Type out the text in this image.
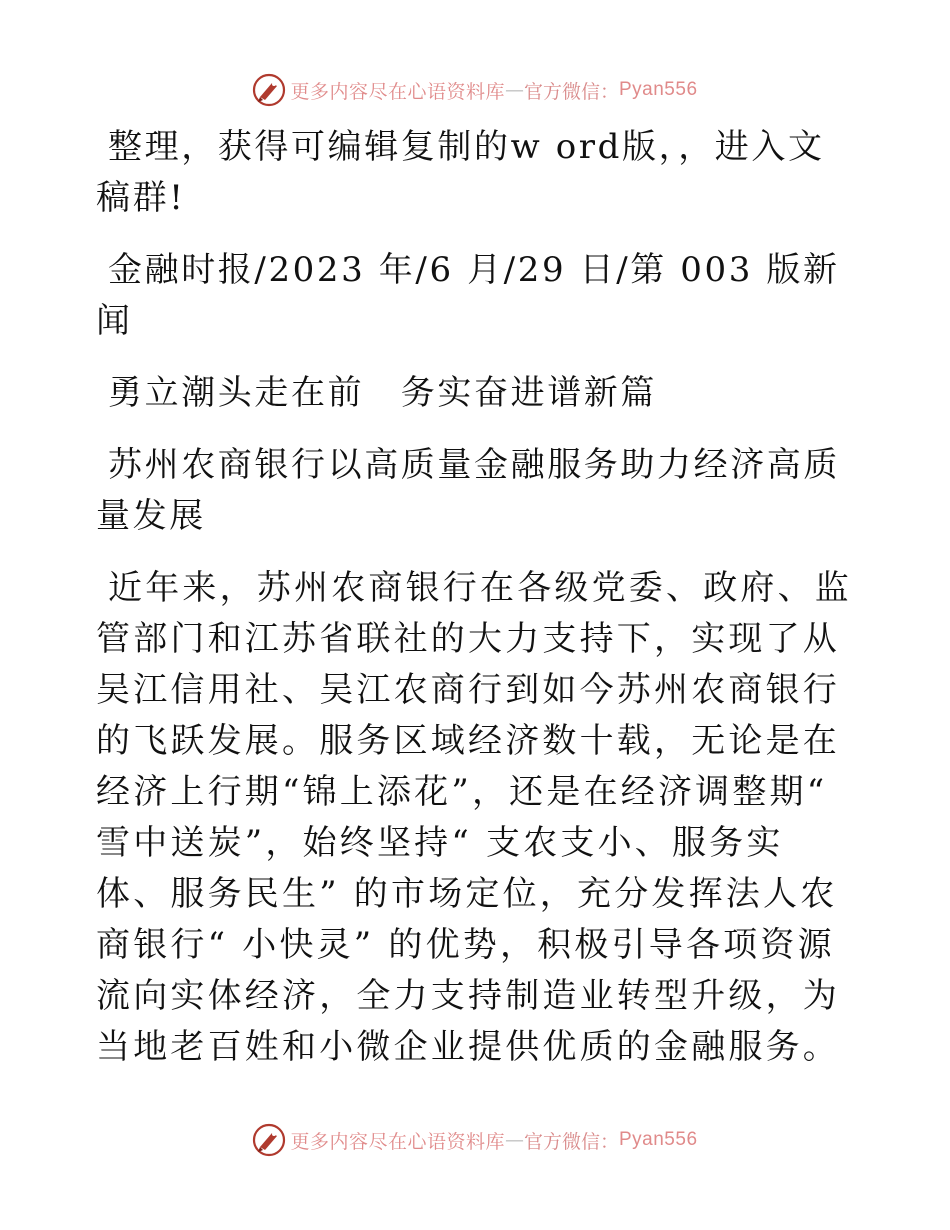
更多内容尽在心语资料库 — 官方微信： Pyan556

整理，获得可编辑复制的w ord版，，进入文稿群!

金融时报/2023 年/6 月/29 日/第 003 版新闻

勇立潮头走在前　务实奋进谱新篇

苏州农商银行以高质量金融服务助力经济高质量发展

近年来，苏州农商银行在各级党委、政府、监管部门和江苏省联社的大力支持下，实现了从吴江信用社、吴江农商行到如今苏州农商银行的飞跃发展。服务区域经济数十载，无论是在经济上行期“锦上添花”，还是在经济调整期“ 雪中送炭”，始终坚持“ 支农支小、服务实体、服务民生” 的市场定位，充分发挥法人农商银行“ 小快灵” 的优势，积极引导各项资源流向实体经济，全力支持制造业转型升级，为当地老百姓和小微企业提供优质的金融服务。

更多内容尽在心语资料库 — 官方微信： Pyan556
